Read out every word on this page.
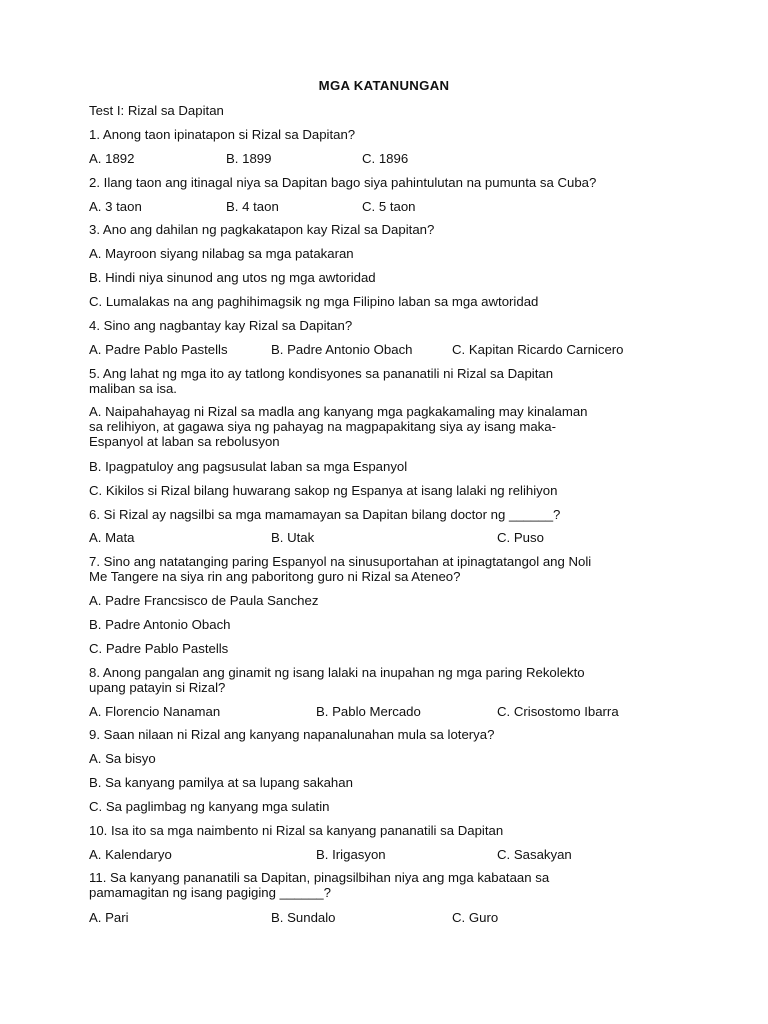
MGA KATANUNGAN
Test I: Rizal sa Dapitan
1. Anong taon ipinatapon si Rizal sa Dapitan?
A. 1892	B. 1899	C. 1896
2. Ilang taon ang itinagal niya sa Dapitan bago siya pahintulutan na pumunta sa Cuba?
A. 3 taon	B. 4 taon	C. 5 taon
3. Ano ang dahilan ng pagkakatapon kay Rizal sa Dapitan?
A. Mayroon siyang nilabag sa mga patakaran
B. Hindi niya sinunod ang utos ng mga awtoridad
C. Lumalakas na ang paghihimagsik ng mga Filipino laban sa mga awtoridad
4. Sino ang nagbantay kay Rizal sa Dapitan?
A. Padre Pablo Pastells	B. Padre Antonio Obach	C. Kapitan Ricardo Carnicero
5. Ang lahat ng mga ito ay tatlong kondisyones sa pananatili ni Rizal sa Dapitan
maliban sa isa.
A. Naipahahayag ni Rizal sa madla ang kanyang mga pagkakamaling may kinalaman
sa relihiyon, at gagawa siya ng pahayag na magpapakitang siya ay isang maka-
Espanyol at laban sa rebolusyon
B. Ipagpatuloy ang pagsusulat laban sa mga Espanyol
C. Kikilos si Rizal bilang huwarang sakop ng Espanya at isang lalaki ng relihiyon
6. Si Rizal ay nagsilbi sa mga mamamayan sa Dapitan bilang doctor ng ______?
A. Mata	B. Utak	C. Puso
7. Sino ang natatanging paring Espanyol na sinusuportahan at ipinagtatangol ang Noli
Me Tangere na siya rin ang paboritong guro ni Rizal sa Ateneo?
A. Padre Francsisco de Paula Sanchez
B. Padre Antonio Obach
C. Padre Pablo Pastells
8. Anong pangalan ang ginamit ng isang lalaki na inupahan ng mga paring Rekolekto
upang patayin si Rizal?
A. Florencio Nanaman	B. Pablo Mercado	C. Crisostomo Ibarra
9. Saan nilaan ni Rizal ang kanyang napanalunahan mula sa loterya?
A. Sa bisyo
B. Sa kanyang pamilya at sa lupang sakahan
C. Sa paglimbag ng kanyang mga sulatin
10. Isa ito sa mga naimbento ni Rizal sa kanyang pananatili sa Dapitan
A. Kalendaryo	B. Irigasyon	C. Sasakyan
11. Sa kanyang pananatili sa Dapitan, pinagsilbihan niya ang mga kabataan sa
pamamagitan ng isang pagiging ______?
A. Pari	B. Sundalo	C. Guro
